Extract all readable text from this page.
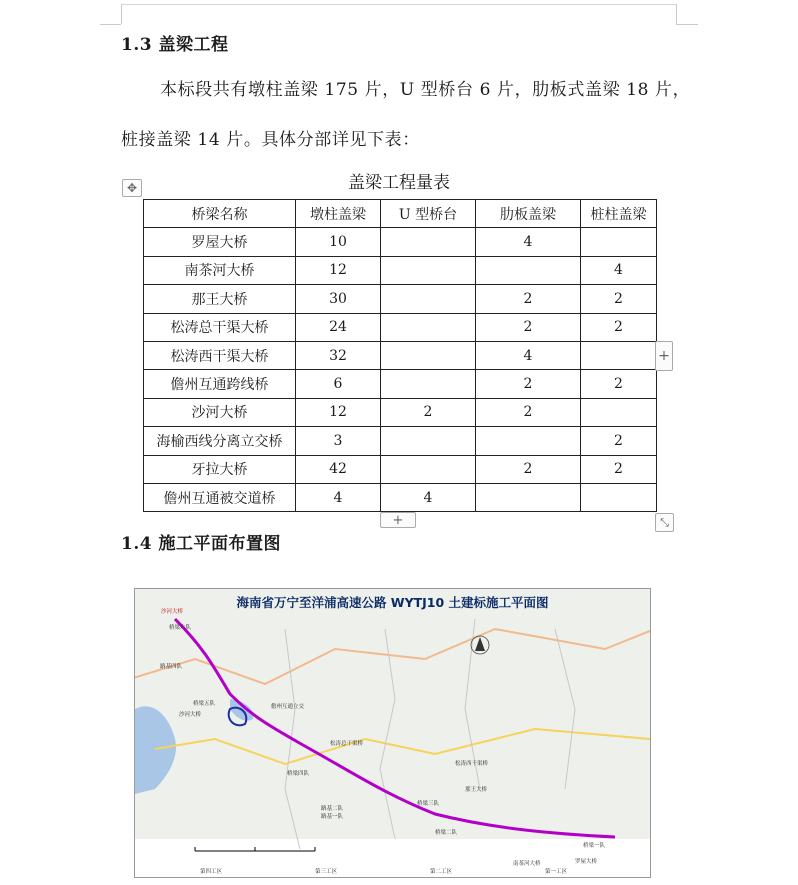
1.3 盖梁工程
本标段共有墩柱盖梁 175 片，U 型桥台 6 片，肋板式盖梁 18 片，
桩接盖梁 14 片。具体分部详见下表：
盖梁工程量表
✥
桥梁名称	墩柱盖梁	U 型桥台	肋板盖梁	桩柱盖梁
罗屋大桥	10		4	
南茶河大桥	12			4
那王大桥	30		2	2
松涛总干渠大桥	24		2	2
松涛西干渠大桥	32		4	
儋州互通跨线桥	6		2	2
沙河大桥	12	2	2	
海榆西线分离立交桥	3			2
牙拉大桥	42		2	2
儋州互通被交道桥	4	4		
+
+	⤡
1.4 施工平面布置图
海南省万宁至洋浦高速公路 WYTJ10 土建标施工平面图
沙河大桥
桥梁六队
路基四队
沙河大桥
桥梁五队	儋州互通立交
松涛总干渠桥
桥梁四队
松涛西干渠桥
那王大桥
桥梁三队
路基二队
路基一队
桥梁二队
南茶河大桥	罗屋大桥
桥梁一队
第四工区	第三工区	第二工区	第一工区
